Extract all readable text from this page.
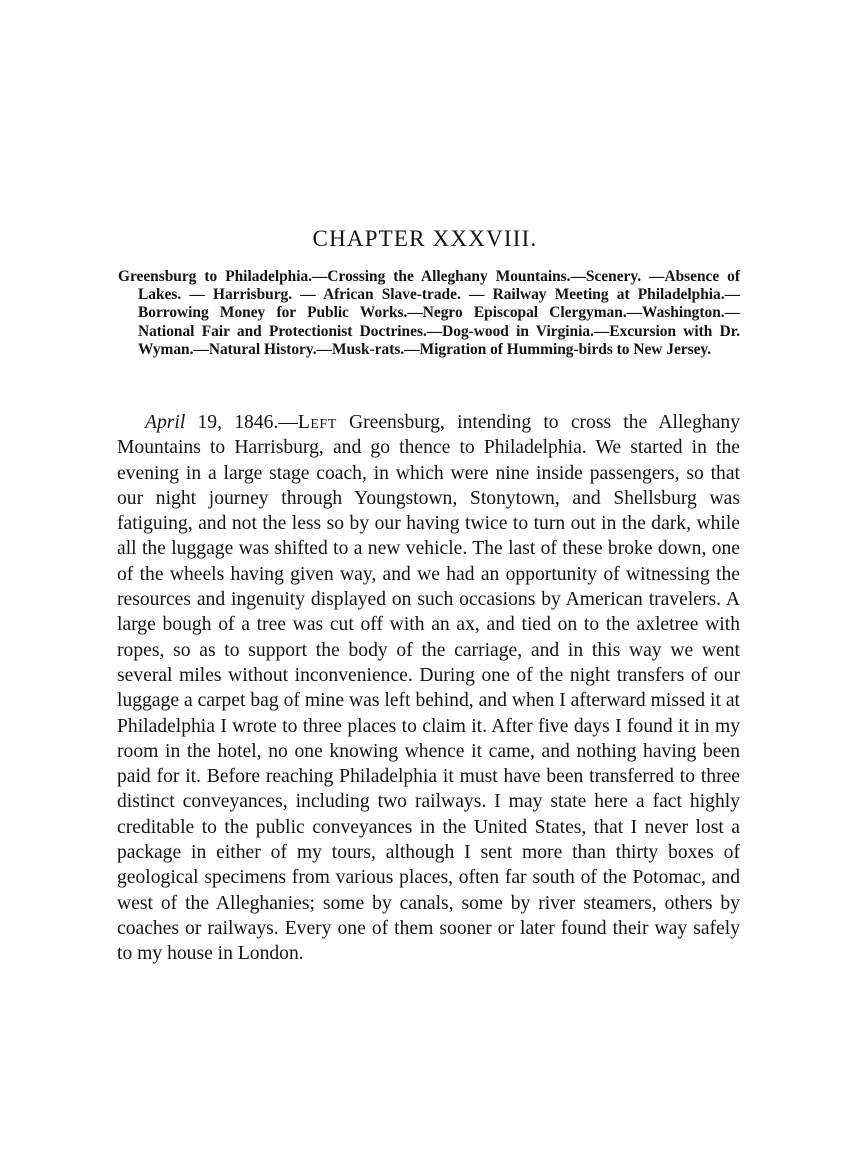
CHAPTER XXXVIII.
Greensburg to Philadelphia.—Crossing the Alleghany Mountains.—Scenery. —Absence of Lakes. — Harrisburg. — African Slave-trade. — Railway Meeting at Philadelphia.—Borrowing Money for Public Works.—Negro Episcopal Clergyman.—Washington.—National Fair and Protectionist Doctrines.—Dog-wood in Virginia.—Excursion with Dr. Wyman.—Natural History.—Musk-rats.—Migration of Humming-birds to New Jersey.

April 19, 1846.—Left Greensburg, intending to cross the Alleghany Mountains to Harrisburg, and go thence to Philadelphia. We started in the evening in a large stage coach, in which were nine inside passengers, so that our night journey through Youngstown, Stonytown, and Shellsburg was fatiguing, and not the less so by our having twice to turn out in the dark, while all the luggage was shifted to a new vehicle. The last of these broke down, one of the wheels having given way, and we had an opportunity of witnessing the resources and ingenuity displayed on such occasions by American travelers. A large bough of a tree was cut off with an ax, and tied on to the axletree with ropes, so as to support the body of the carriage, and in this way we went several miles without inconvenience. During one of the night transfers of our luggage a carpet bag of mine was left behind, and when I afterward missed it at Philadelphia I wrote to three places to claim it. After five days I found it in my room in the hotel, no one knowing whence it came, and nothing having been paid for it. Before reaching Philadelphia it must have been transferred to three distinct conveyances, including two railways. I may state here a fact highly creditable to the public conveyances in the United States, that I never lost a package in either of my tours, although I sent more than thirty boxes of geological specimens from various places, often far south of the Potomac, and west of the Alleghanies; some by canals, some by river steamers, others by coaches or railways. Every one of them sooner or later found their way safely to my house in London.
